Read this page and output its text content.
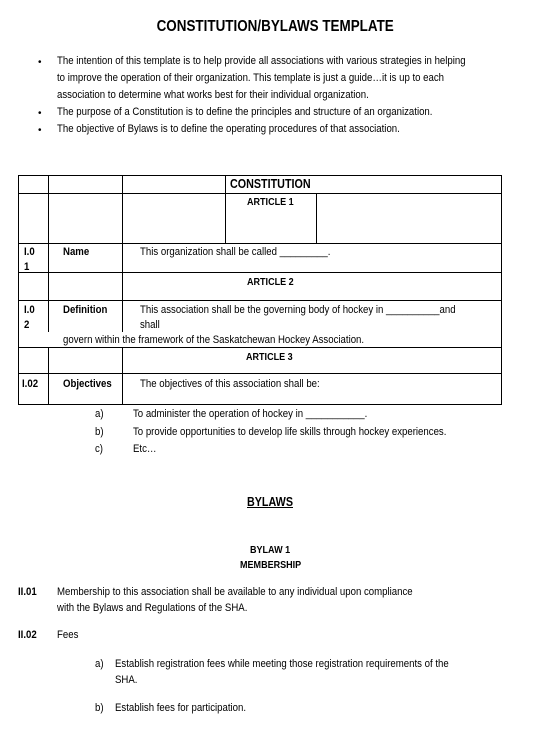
CONSTITUTION/BYLAWS TEMPLATE
• The intention of this template is to help provide all associations with various strategies in helping
to improve the operation of their organization. This template is just a guide…it is up to each
association to determine what works best for their individual organization.
• The purpose of a Constitution is to define the principles and structure of an organization.
• The objective of Bylaws is to define the operating procedures of that association.
CONSTITUTION
ARTICLE 1
I.0
1
Name	This organization shall be called _________.
ARTICLE 2
I.0
2
Definition	This association shall be the governing body of hockey in __________and
shall
govern within the framework of the Saskatchewan Hockey Association.
ARTICLE 3
I.02 Objectives	The objectives of this association shall be:
a)	To administer the operation of hockey in ___________.
b)	To provide opportunities to develop life skills through hockey experiences.
c)	Etc…
BYLAWS
BYLAW 1
MEMBERSHIP
II.01 Membership to this association shall be available to any individual upon compliance
with the Bylaws and Regulations of the SHA.
II.02 Fees
a) Establish registration fees while meeting those registration requirements of the
SHA.
b) Establish fees for participation.
